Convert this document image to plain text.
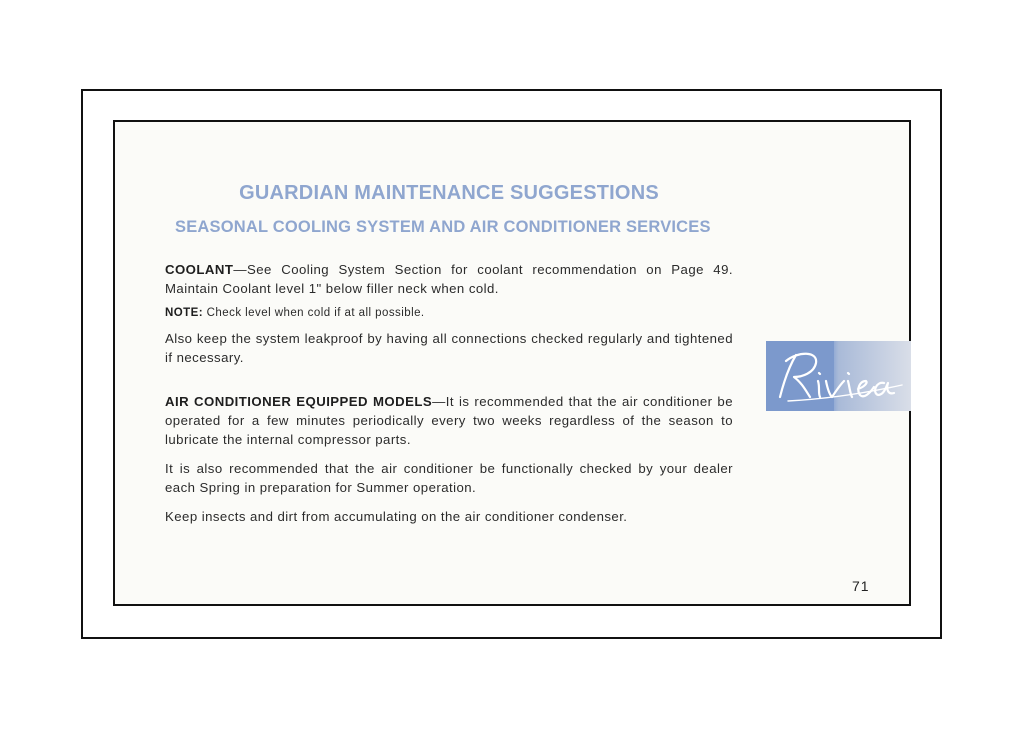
GUARDIAN MAINTENANCE SUGGESTIONS
SEASONAL COOLING SYSTEM AND AIR CONDITIONER SERVICES
COOLANT—See Cooling System Section for coolant recommendation on Page 49.
Maintain Coolant level 1" below filler neck when cold.
NOTE: Check level when cold if at all possible.
Also keep the system leakproof by having all connections checked regularly and tightened if necessary.
AIR CONDITIONER EQUIPPED MODELS—It is recommended that the air conditioner be operated for a few minutes periodically every two weeks regardless of the season to lubricate the internal compressor parts.
It is also recommended that the air conditioner be functionally checked by your dealer each Spring in preparation for Summer operation.
Keep insects and dirt from accumulating on the air conditioner condenser.
71
